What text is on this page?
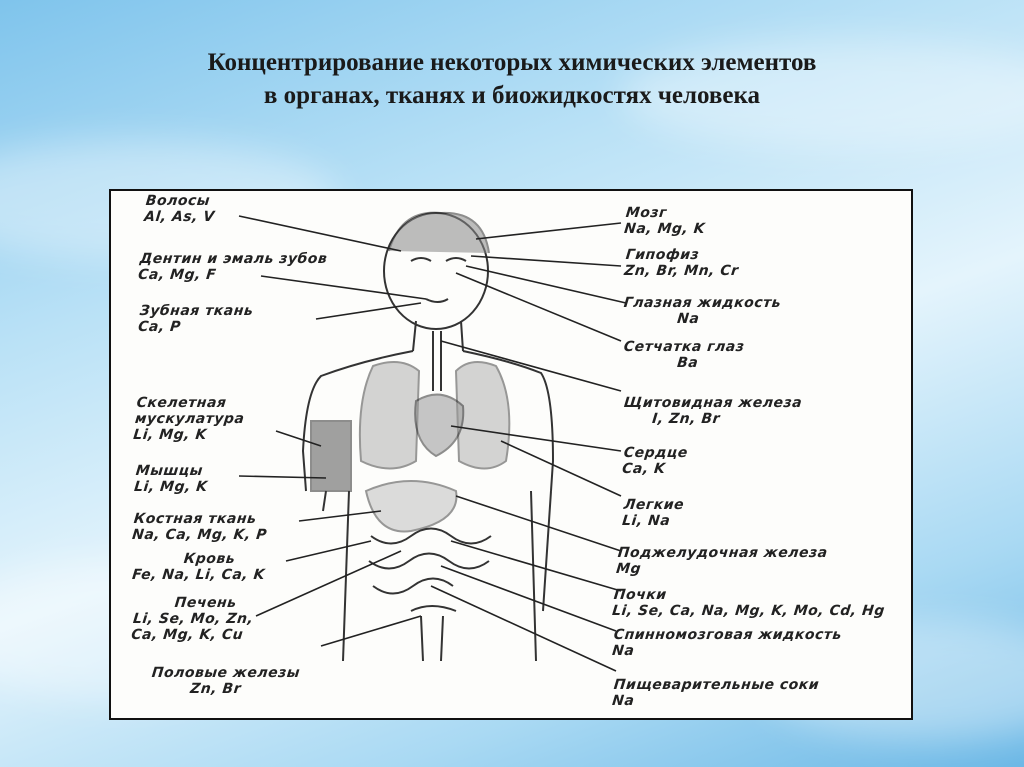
Концентрирование некоторых химических элементов
в органах, тканях и биожидкостях человека
Волосы
Al, As, V
Дентин и эмаль зубов
Ca, Mg, F
Зубная ткань
Ca, P
Скелетная мускулатура
Li, Mg, K
Мышцы
Li, Mg, K
Костная ткань
Na, Ca, Mg, K, P
Кровь
Fe, Na, Li, Ca, K
Печень
Li, Se, Mo, Zn,
Ca, Mg, K, Cu
Половые железы
Zn, Br
Мозг
Na, Mg, K
Гипофиз
Zn, Br, Mn, Cr
Глазная жидкость
Na
Сетчатка глаз
Ba
Щитовидная железа
I, Zn, Br
Сердце
Ca, K
Легкие
Li, Na
Поджелудочная железа
Mg
Почки
Li, Se, Ca, Na, Mg, K, Mo, Cd, Hg
Спинномозговая жидкость
Na
Пищеварительные соки
Na
